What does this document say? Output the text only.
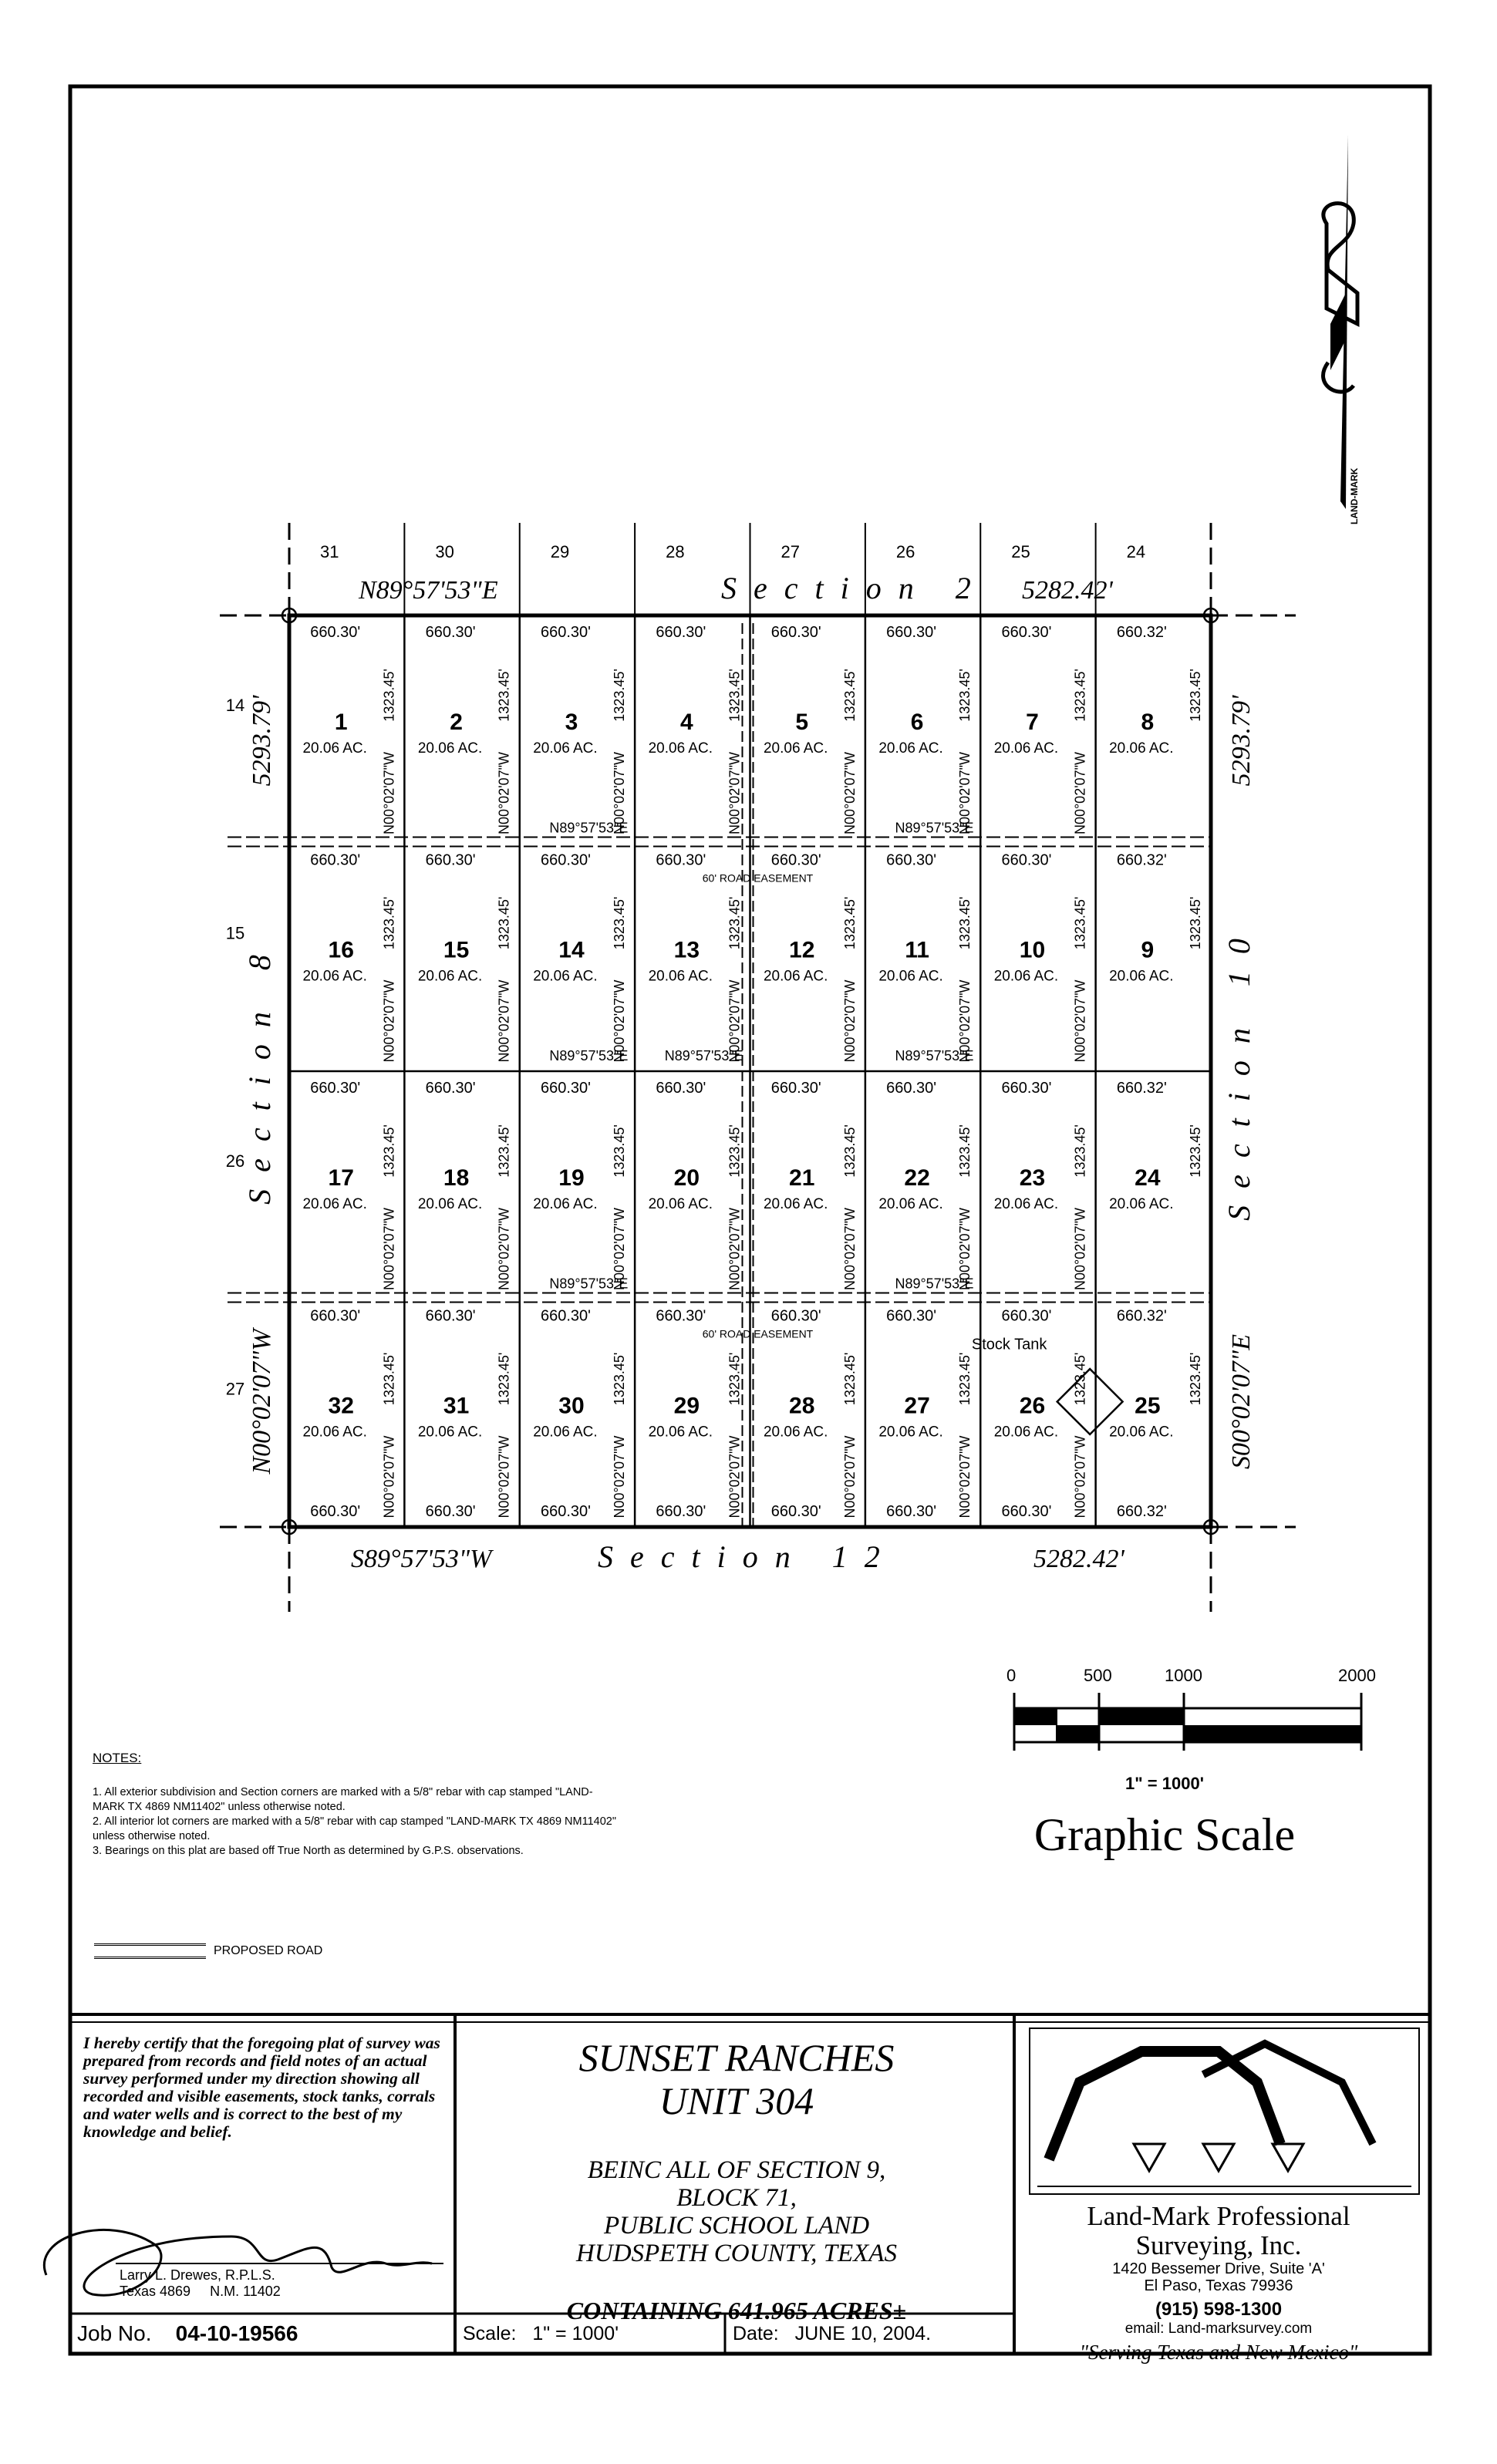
31	30	29	28	27	26	25	24
14
15
26
27
1
20.06 AC.
660.30'
1323.45'
N00°02'07"W
2
20.06 AC.
660.30'
1323.45'
N00°02'07"W
3
20.06 AC.
660.30'
1323.45'
N00°02'07"W
4
20.06 AC.
660.30'
1323.45'
N00°02'07"W
5
20.06 AC.
660.30'
1323.45'
N00°02'07"W
6
20.06 AC.
660.30'
1323.45'
N00°02'07"W
7
20.06 AC.
660.30'
1323.45'
N00°02'07"W
8
20.06 AC.
660.32'
1323.45'
16
20.06 AC.
660.30'
1323.45'
N00°02'07"W
15
20.06 AC.
660.30'
1323.45'
N00°02'07"W
14
20.06 AC.
660.30'
1323.45'
N00°02'07"W
13
20.06 AC.
660.30'
1323.45'
N00°02'07"W
12
20.06 AC.
660.30'
1323.45'
N00°02'07"W
11
20.06 AC.
660.30'
1323.45'
N00°02'07"W
10
20.06 AC.
660.30'
1323.45'
N00°02'07"W
9
20.06 AC.
660.32'
1323.45'
17
20.06 AC.
660.30'
1323.45'
N00°02'07"W
18
20.06 AC.
660.30'
1323.45'
N00°02'07"W
19
20.06 AC.
660.30'
1323.45'
N00°02'07"W
20
20.06 AC.
660.30'
1323.45'
N00°02'07"W
21
20.06 AC.
660.30'
1323.45'
N00°02'07"W
22
20.06 AC.
660.30'
1323.45'
N00°02'07"W
23
20.06 AC.
660.30'
1323.45'
N00°02'07"W
24
20.06 AC.
660.32'
1323.45'
32
20.06 AC.
660.30'
1323.45'
N00°02'07"W
31
20.06 AC.
660.30'
1323.45'
N00°02'07"W
30
20.06 AC.
660.30'
1323.45'
N00°02'07"W
29
20.06 AC.
660.30'
1323.45'
N00°02'07"W
28
20.06 AC.
660.30'
1323.45'
N00°02'07"W
27
20.06 AC.
660.30'
1323.45'
N00°02'07"W
26
20.06 AC.
660.30'
1323.45'
N00°02'07"W
25
20.06 AC.
660.32'
1323.45'
660.30'	660.30'	660.30'	660.30'	660.30'	660.30'	660.30'	660.32'
N89°57'53"E	N89°57'53"E
N89°57'53"E	N89°57'53"E
N89°57'53"E
N89°57'53"E	N89°57'53"E
60' ROAD EASEMENT
60' ROAD EASEMENT
Stock Tank
N89°57'53"E	5282.42'
Section 2
S89°57'53"W	5282.42'
Section 12
5293.79'
N00°02'07"W
Section 8
5293.79'
S00°02'07"E
Section 10
LAND-MARK
0	500	1000	2000
1" = 1000'
Graphic Scale
NOTES:

1. All exterior subdivision and Section corners are marked with a 5/8" rebar with cap stamped "LAND-MARK TX 4869 NM11402" unless otherwise noted.

2. All interior lot corners are marked with a 5/8" rebar with cap stamped "LAND-MARK TX 4869 NM11402" unless otherwise noted.

3. Bearings on this plat are based off True North as determined by G.P.S. observations.

PROPOSED ROAD
I hereby certify that the foregoing plat of survey was prepared from records and field notes of an actual survey performed under my direction showing all recorded and visible easements, stock tanks, corrals and water wells and is correct to the best of my knowledge and belief.
Larry L. Drewes, R.P.L.S.
Texas 4869 N.M. 11402
SUNSET RANCHES
UNIT 304
BEINC ALL OF SECTION 9,
BLOCK 71,
PUBLIC SCHOOL LAND
HUDSPETH COUNTY, TEXAS
CONTAINING 641.965 ACRES±
Land-Mark Professional
Surveying, Inc.
1420 Bessemer Drive, Suite 'A'
El Paso, Texas 79936
(915) 598-1300
email: Land-marksurvey.com
"Serving Texas and New Mexico"
Job No. 04-10-19566	Scale: 1" = 1000'	Date: JUNE 10, 2004.
